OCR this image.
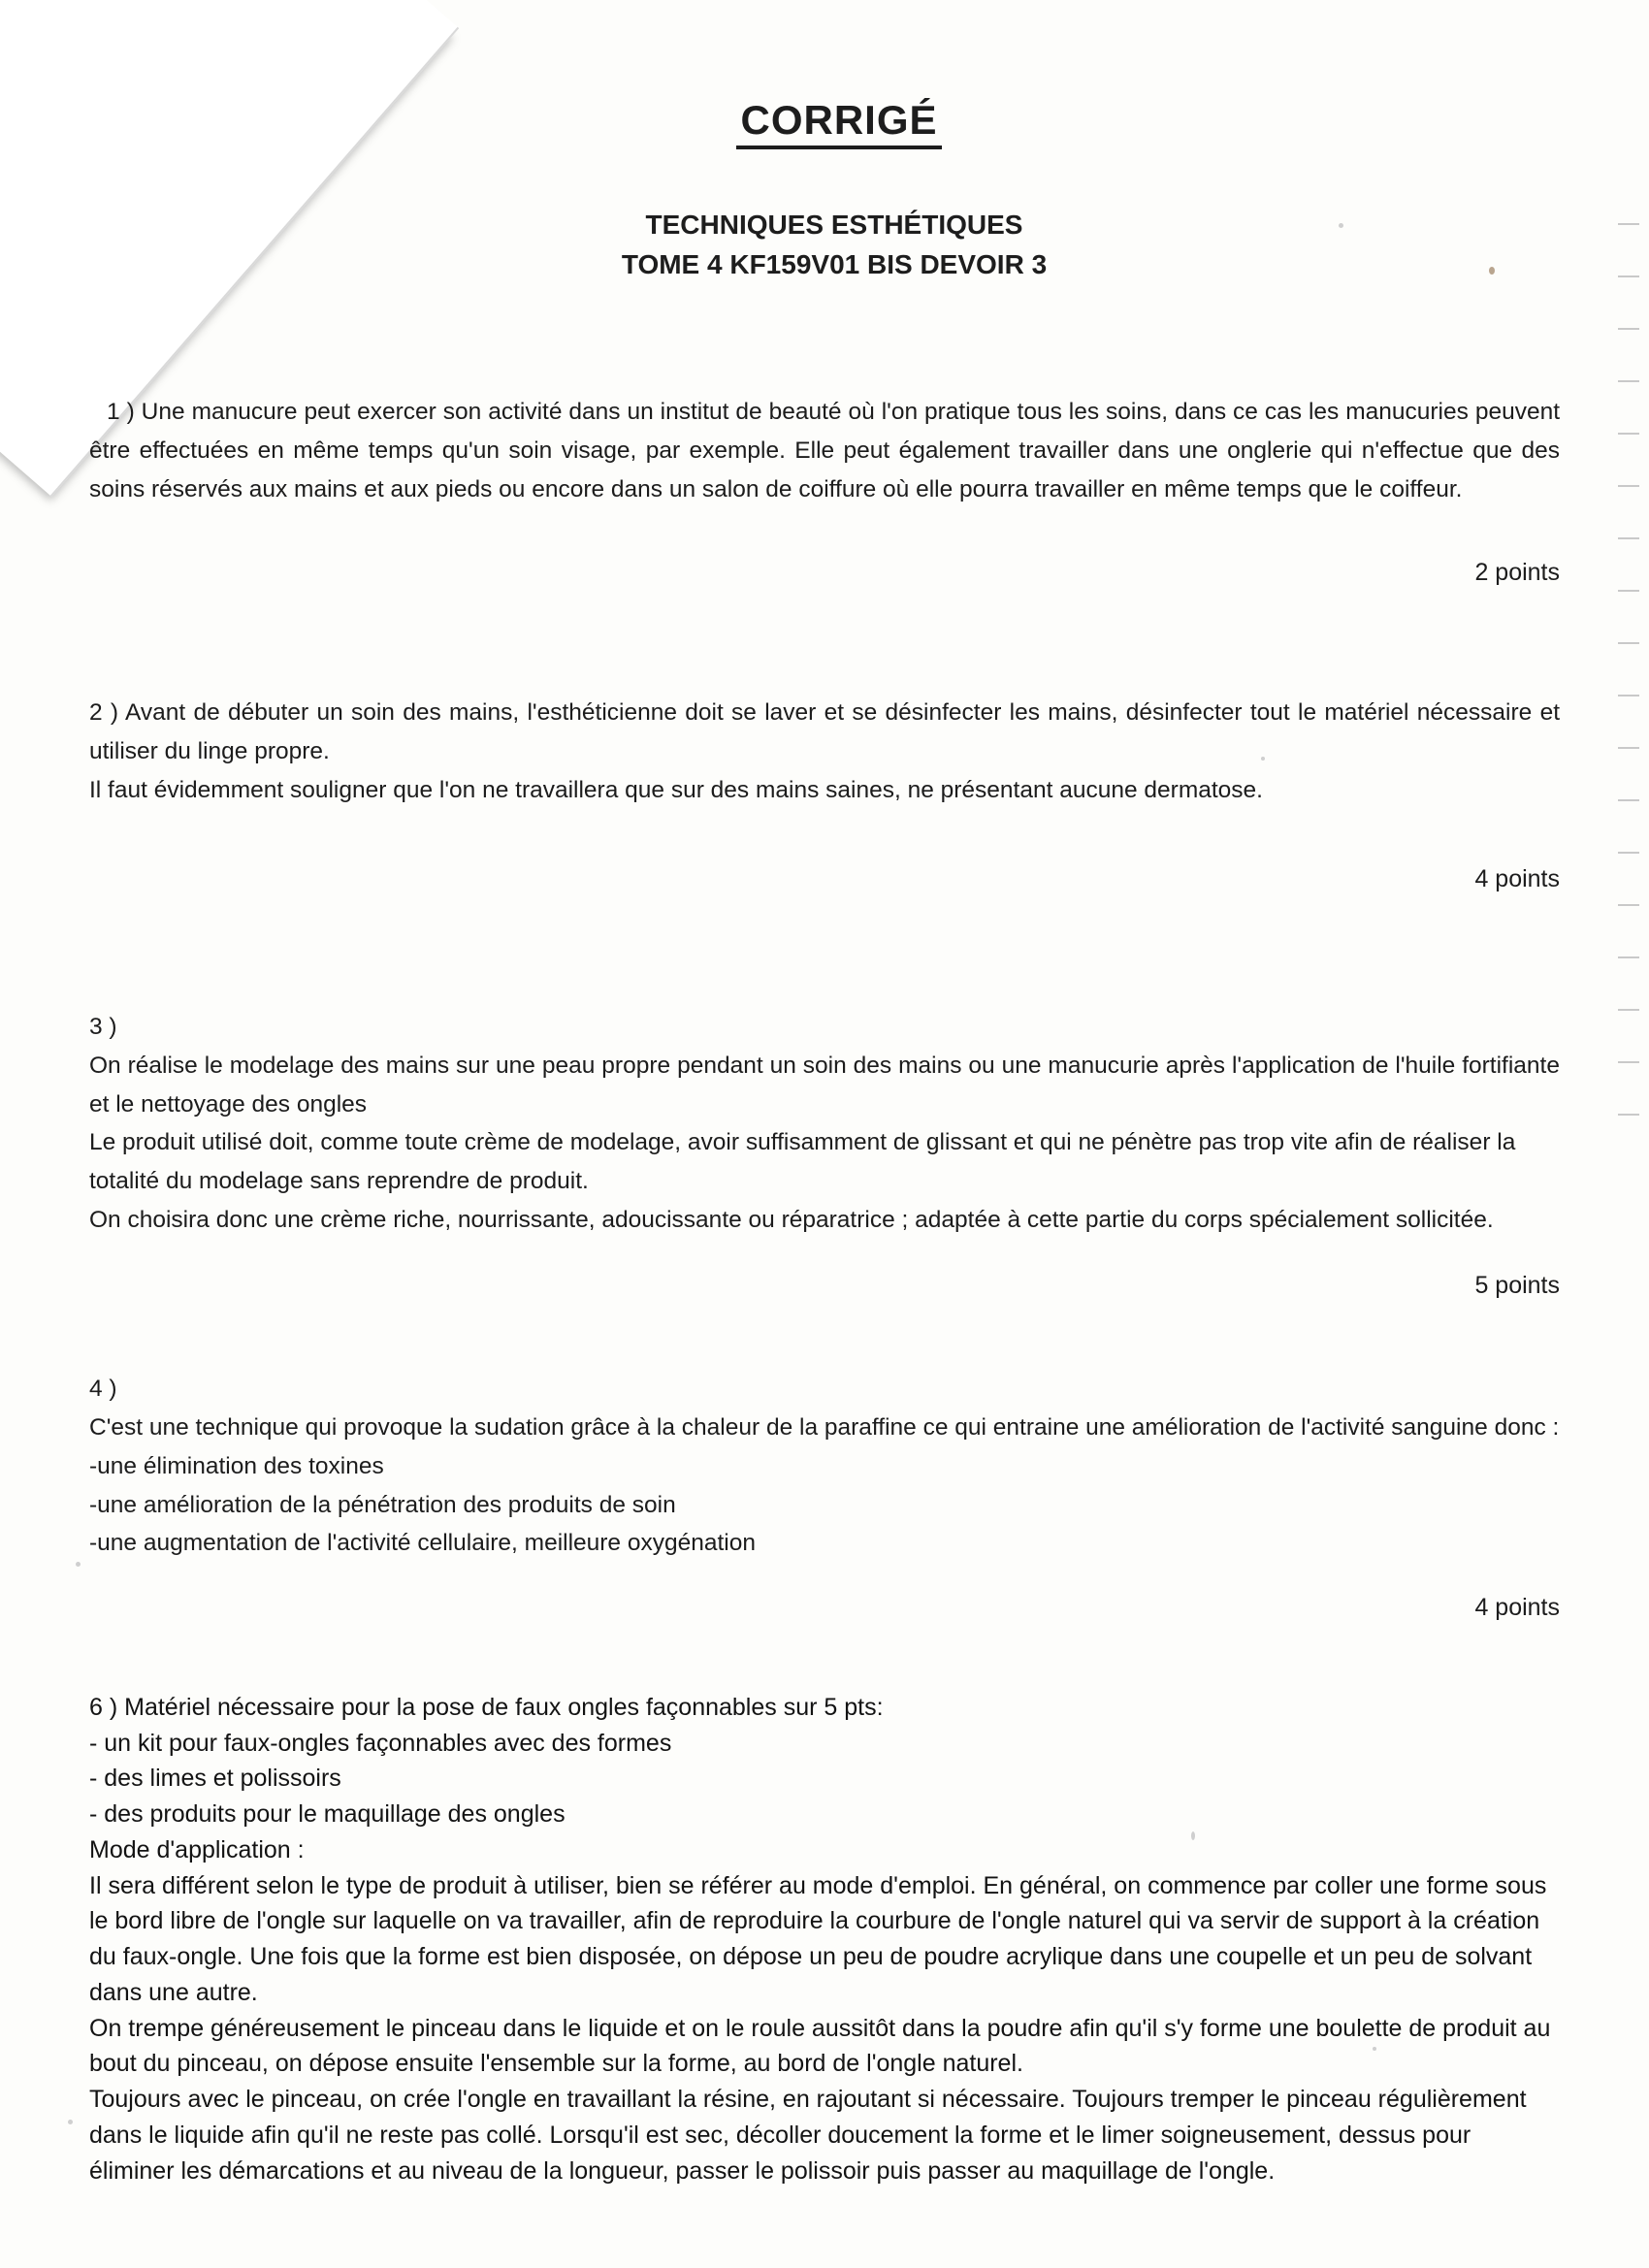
CORRIGÉ
TECHNIQUES ESTHÉTIQUES
TOME 4 KF159V01 BIS DEVOIR 3

1 ) Une manucure peut exercer son activité dans un institut de beauté où l'on pratique tous les soins, dans ce cas les manucuries peuvent être effectuées en même temps qu'un soin visage, par exemple. Elle peut également travailler dans une onglerie qui n'effectue que des soins réservés aux mains et aux pieds ou encore dans un salon de coiffure où elle pourra travailler en même temps que le coiffeur.

2 points

2 ) Avant de débuter un soin des mains, l'esthéticienne doit se laver et se désinfecter les mains, désinfecter tout le matériel nécessaire et utiliser du linge propre.

Il faut évidemment souligner que l'on ne travaillera que sur des mains saines, ne présentant aucune dermatose.

4 points

3 )

On réalise le modelage des mains sur une peau propre pendant un soin des mains ou une manucurie après l'application de l'huile fortifiante et le nettoyage des ongles

Le produit utilisé doit, comme toute crème de modelage, avoir suffisamment de glissant et qui ne pénètre pas trop vite afin de réaliser la totalité du modelage sans reprendre de produit.

On choisira donc une crème riche, nourrissante, adoucissante ou réparatrice ; adaptée à cette partie du corps spécialement sollicitée.

5 points

4 )

C'est une technique qui provoque la sudation grâce à la chaleur de la paraffine ce qui entraine une amélioration de l'activité sanguine donc :

-une élimination des toxines

-une amélioration de la pénétration des produits de soin

-une augmentation de l'activité cellulaire, meilleure oxygénation

4 points

6 ) Matériel nécessaire pour la pose de faux ongles façonnables sur 5 pts:

- un kit pour faux-ongles façonnables avec des formes

- des limes et polissoirs

- des produits pour le maquillage des ongles

Mode d'application :

Il sera différent selon le type de produit à utiliser, bien se référer au mode d'emploi. En général, on commence par coller une forme sous le bord libre de l'ongle sur laquelle on va travailler, afin de reproduire la courbure de l'ongle naturel qui va servir de support à la création du faux-ongle. Une fois que la forme est bien disposée, on dépose un peu de poudre acrylique dans une coupelle et un peu de solvant dans une autre.

On trempe généreusement le pinceau dans le liquide et on le roule aussitôt dans la poudre afin qu'il s'y forme une boulette de produit au bout du pinceau, on dépose ensuite l'ensemble sur la forme, au bord de l'ongle naturel.

Toujours avec le pinceau, on crée l'ongle en travaillant la résine, en rajoutant si nécessaire. Toujours tremper le pinceau régulièrement dans le liquide afin qu'il ne reste pas collé. Lorsqu'il est sec, décoller doucement la forme et le limer soigneusement, dessus pour éliminer les démarcations et au niveau de la longueur, passer le polissoir puis passer au maquillage de l'ongle.
